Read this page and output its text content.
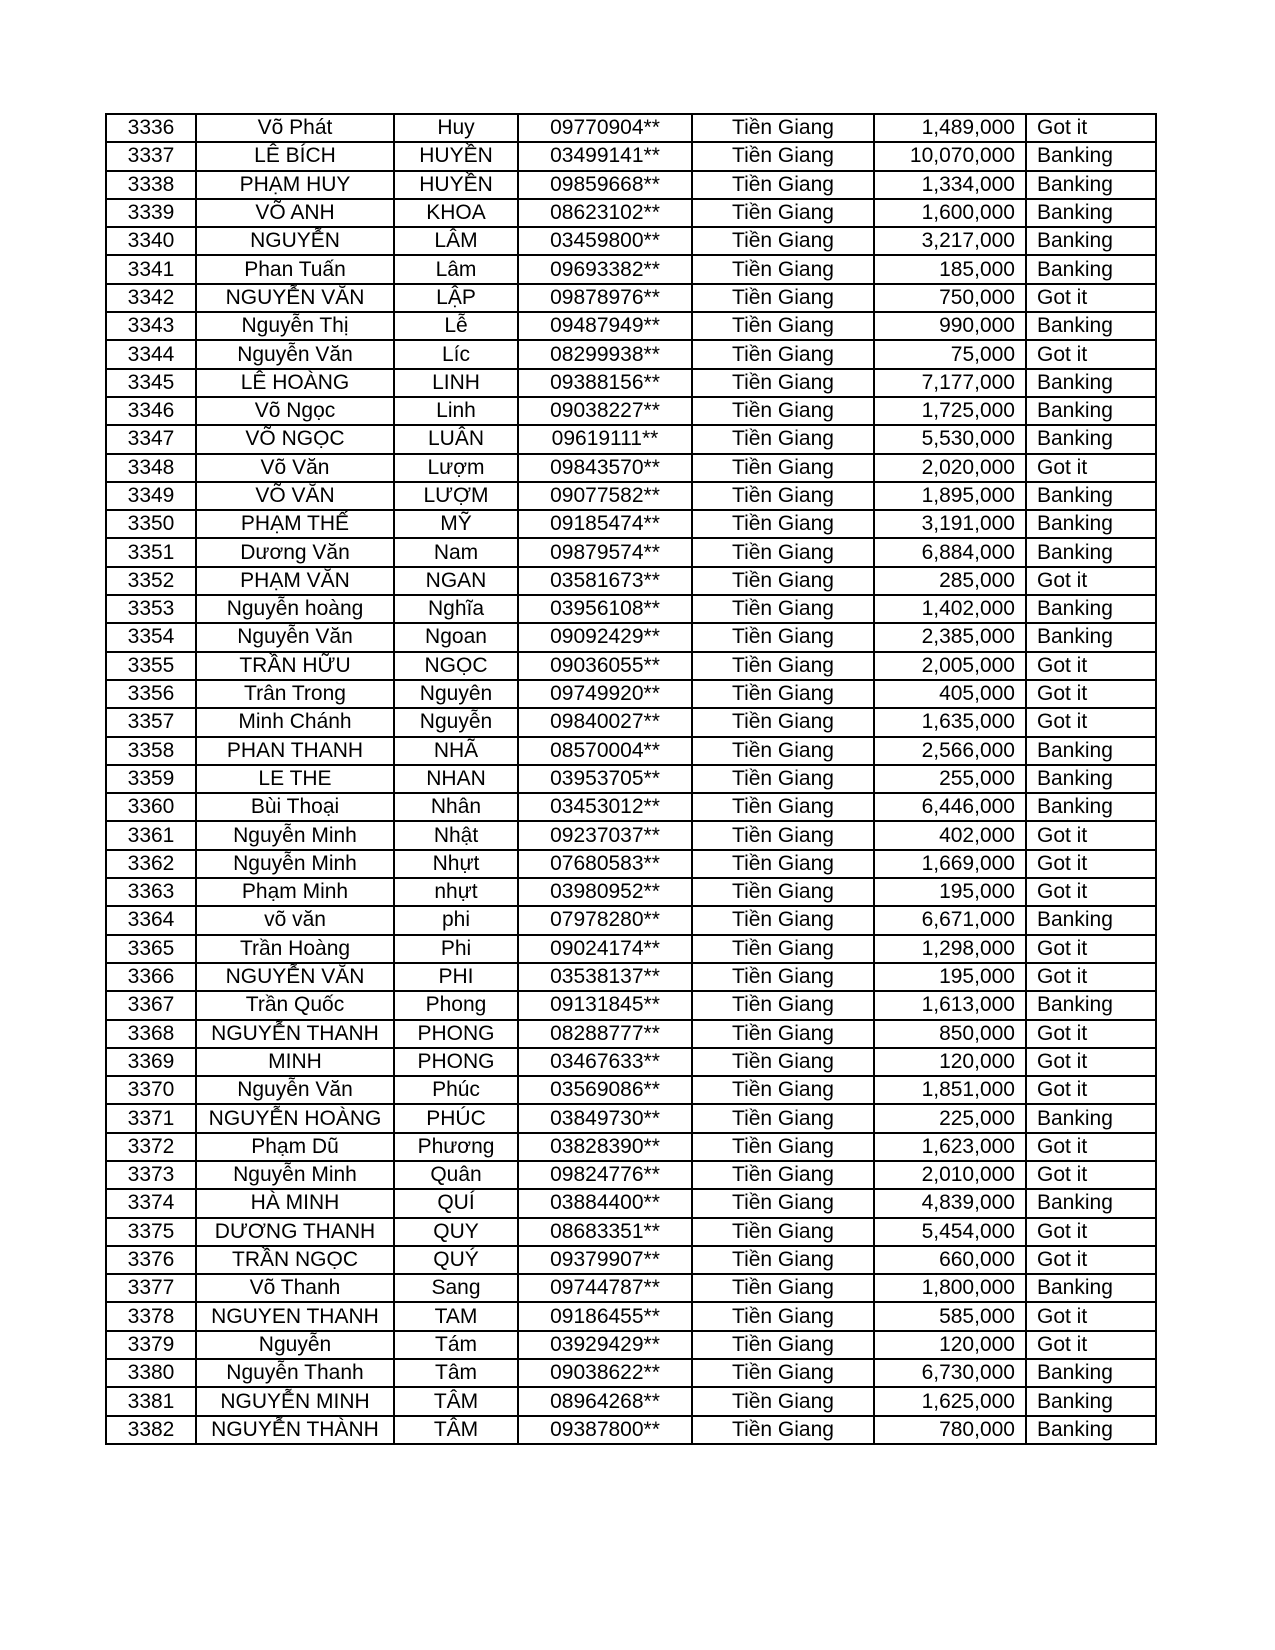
3336	Võ Phát	Huy	09770904**	Tiền Giang	1,489,000	Got it
3337	LÊ BÍCH	HUYỀN	03499141**	Tiền Giang	10,070,000	Banking
3338	PHẠM HUY	HUYỀN	09859668**	Tiền Giang	1,334,000	Banking
3339	VÕ ANH	KHOA	08623102**	Tiền Giang	1,600,000	Banking
3340	NGUYỄN	LÂM	03459800**	Tiền Giang	3,217,000	Banking
3341	Phan Tuấn	Lâm	09693382**	Tiền Giang	185,000	Banking
3342	NGUYỄN VĂN	LẬP	09878976**	Tiền Giang	750,000	Got it
3343	Nguyễn Thị	Lễ	09487949**	Tiền Giang	990,000	Banking
3344	Nguyễn Văn	Líc	08299938**	Tiền Giang	75,000	Got it
3345	LÊ HOÀNG	LINH	09388156**	Tiền Giang	7,177,000	Banking
3346	Võ Ngọc	Linh	09038227**	Tiền Giang	1,725,000	Banking
3347	VÕ NGỌC	LUÂN	09619111**	Tiền Giang	5,530,000	Banking
3348	Võ Văn	Lượm	09843570**	Tiền Giang	2,020,000	Got it
3349	VÕ VĂN	LƯỢM	09077582**	Tiền Giang	1,895,000	Banking
3350	PHẠM THẾ	MỸ	09185474**	Tiền Giang	3,191,000	Banking
3351	Dương Văn	Nam	09879574**	Tiền Giang	6,884,000	Banking
3352	PHẠM VĂN	NGAN	03581673**	Tiền Giang	285,000	Got it
3353	Nguyễn hoàng	Nghĩa	03956108**	Tiền Giang	1,402,000	Banking
3354	Nguyễn Văn	Ngoan	09092429**	Tiền Giang	2,385,000	Banking
3355	TRẦN HỮU	NGỌC	09036055**	Tiền Giang	2,005,000	Got it
3356	Trân Trong	Nguyên	09749920**	Tiền Giang	405,000	Got it
3357	Minh Chánh	Nguyễn	09840027**	Tiền Giang	1,635,000	Got it
3358	PHAN THANH	NHÃ	08570004**	Tiền Giang	2,566,000	Banking
3359	LE THE	NHAN	03953705**	Tiền Giang	255,000	Banking
3360	Bùi Thoại	Nhân	03453012**	Tiền Giang	6,446,000	Banking
3361	Nguyễn Minh	Nhật	09237037**	Tiền Giang	402,000	Got it
3362	Nguyễn Minh	Nhựt	07680583**	Tiền Giang	1,669,000	Got it
3363	Phạm Minh	nhựt	03980952**	Tiền Giang	195,000	Got it
3364	võ văn	phi	07978280**	Tiền Giang	6,671,000	Banking
3365	Trần Hoàng	Phi	09024174**	Tiền Giang	1,298,000	Got it
3366	NGUYỄN VĂN	PHI	03538137**	Tiền Giang	195,000	Got it
3367	Trần Quốc	Phong	09131845**	Tiền Giang	1,613,000	Banking
3368	NGUYỄN THANH	PHONG	08288777**	Tiền Giang	850,000	Got it
3369	MINH	PHONG	03467633**	Tiền Giang	120,000	Got it
3370	Nguyễn Văn	Phúc	03569086**	Tiền Giang	1,851,000	Got it
3371	NGUYỄN HOÀNG	PHÚC	03849730**	Tiền Giang	225,000	Banking
3372	Phạm Dũ	Phương	03828390**	Tiền Giang	1,623,000	Got it
3373	Nguyễn Minh	Quân	09824776**	Tiền Giang	2,010,000	Got it
3374	HÀ MINH	QUÍ	03884400**	Tiền Giang	4,839,000	Banking
3375	DƯƠNG THANH	QUY	08683351**	Tiền Giang	5,454,000	Got it
3376	TRẦN NGỌC	QUÝ	09379907**	Tiền Giang	660,000	Got it
3377	Võ Thanh	Sang	09744787**	Tiền Giang	1,800,000	Banking
3378	NGUYEN THANH	TAM	09186455**	Tiền Giang	585,000	Got it
3379	Nguyễn	Tám	03929429**	Tiền Giang	120,000	Got it
3380	Nguyễn Thanh	Tâm	09038622**	Tiền Giang	6,730,000	Banking
3381	NGUYỄN MINH	TÂM	08964268**	Tiền Giang	1,625,000	Banking
3382	NGUYỄN THÀNH	TÂM	09387800**	Tiền Giang	780,000	Banking
